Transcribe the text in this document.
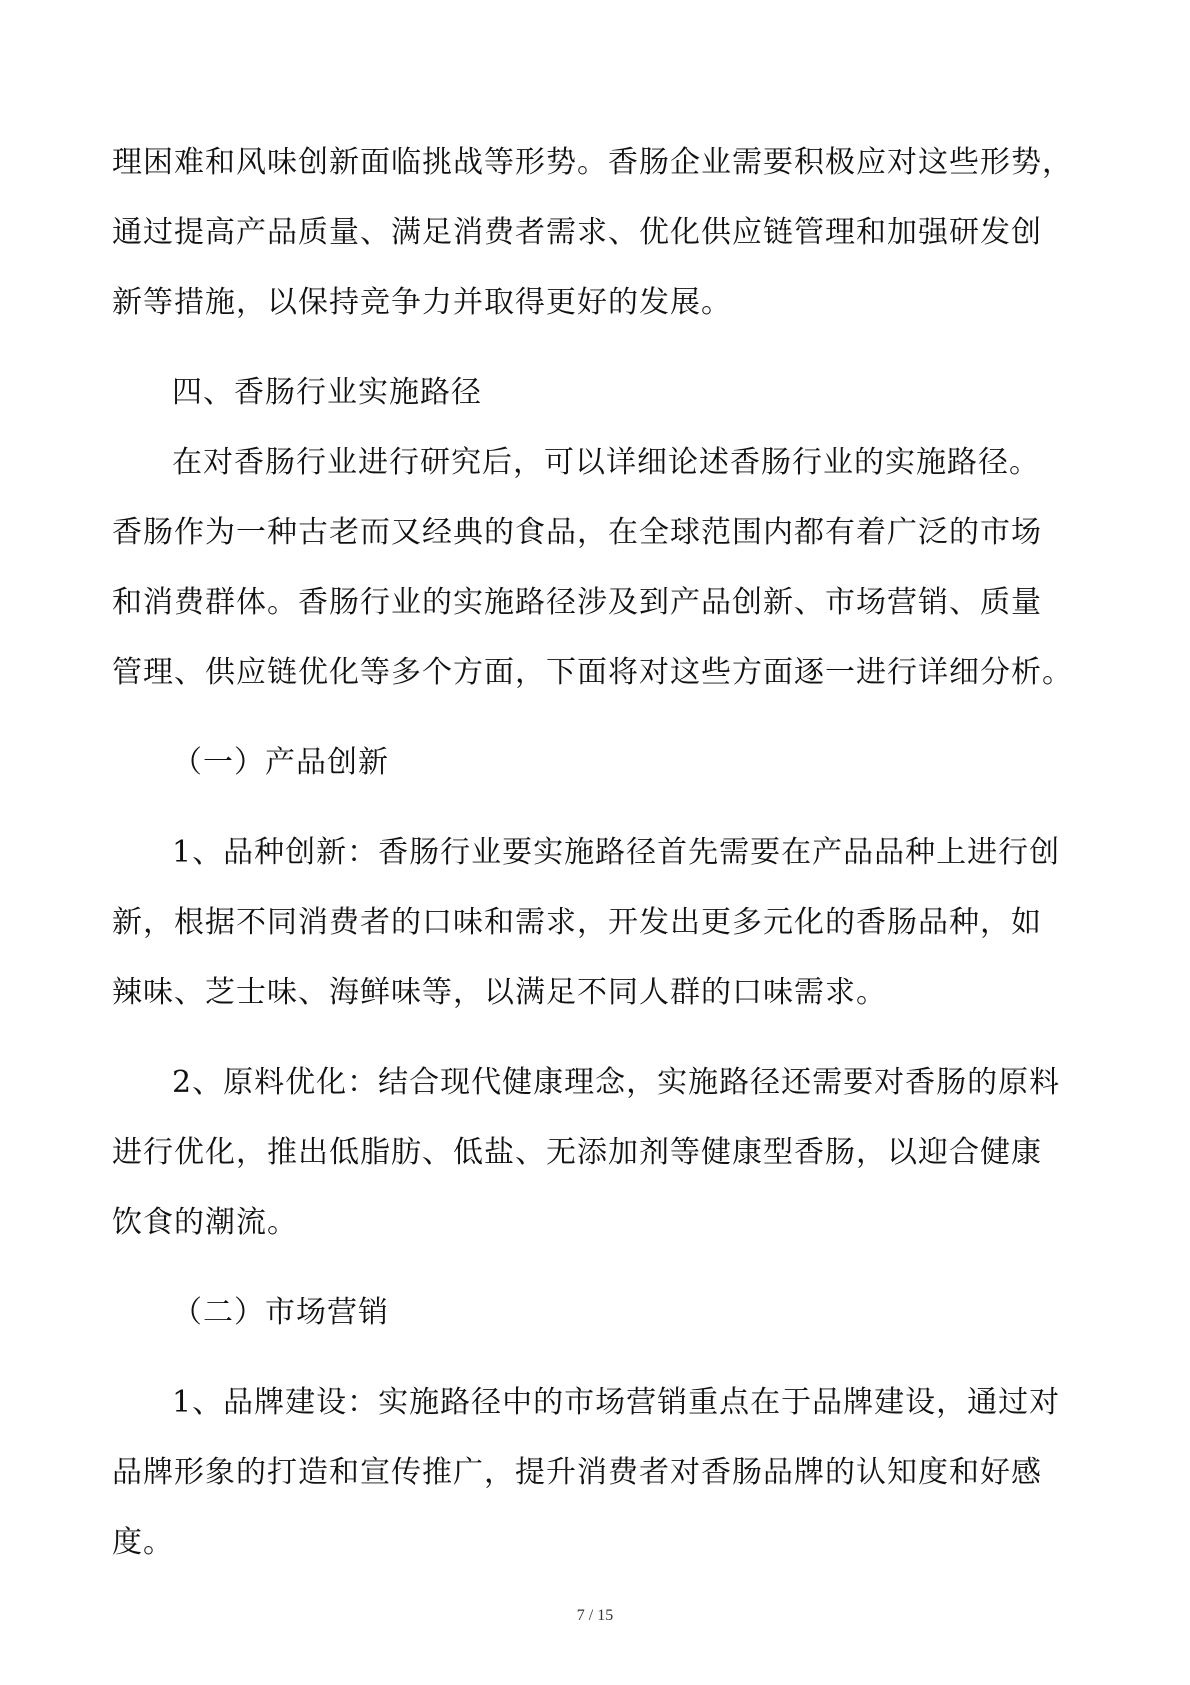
理困难和风味创新面临挑战等形势。香肠企业需要积极应对这些形势，
通过提高产品质量、满足消费者需求、优化供应链管理和加强研发创
新等措施，以保持竞争力并取得更好的发展。

四、香肠行业实施路径

在对香肠行业进行研究后，可以详细论述香肠行业的实施路径。
香肠作为一种古老而又经典的食品，在全球范围内都有着广泛的市场
和消费群体。香肠行业的实施路径涉及到产品创新、市场营销、质量
管理、供应链优化等多个方面，下面将对这些方面逐一进行详细分析。

（一）产品创新

1、品种创新：香肠行业要实施路径首先需要在产品品种上进行创
新，根据不同消费者的口味和需求，开发出更多元化的香肠品种，如
辣味、芝士味、海鲜味等，以满足不同人群的口味需求。

2、原料优化：结合现代健康理念，实施路径还需要对香肠的原料
进行优化，推出低脂肪、低盐、无添加剂等健康型香肠，以迎合健康
饮食的潮流。

（二）市场营销

1、品牌建设：实施路径中的市场营销重点在于品牌建设，通过对
品牌形象的打造和宣传推广，提升消费者对香肠品牌的认知度和好感
度。

7 / 15
